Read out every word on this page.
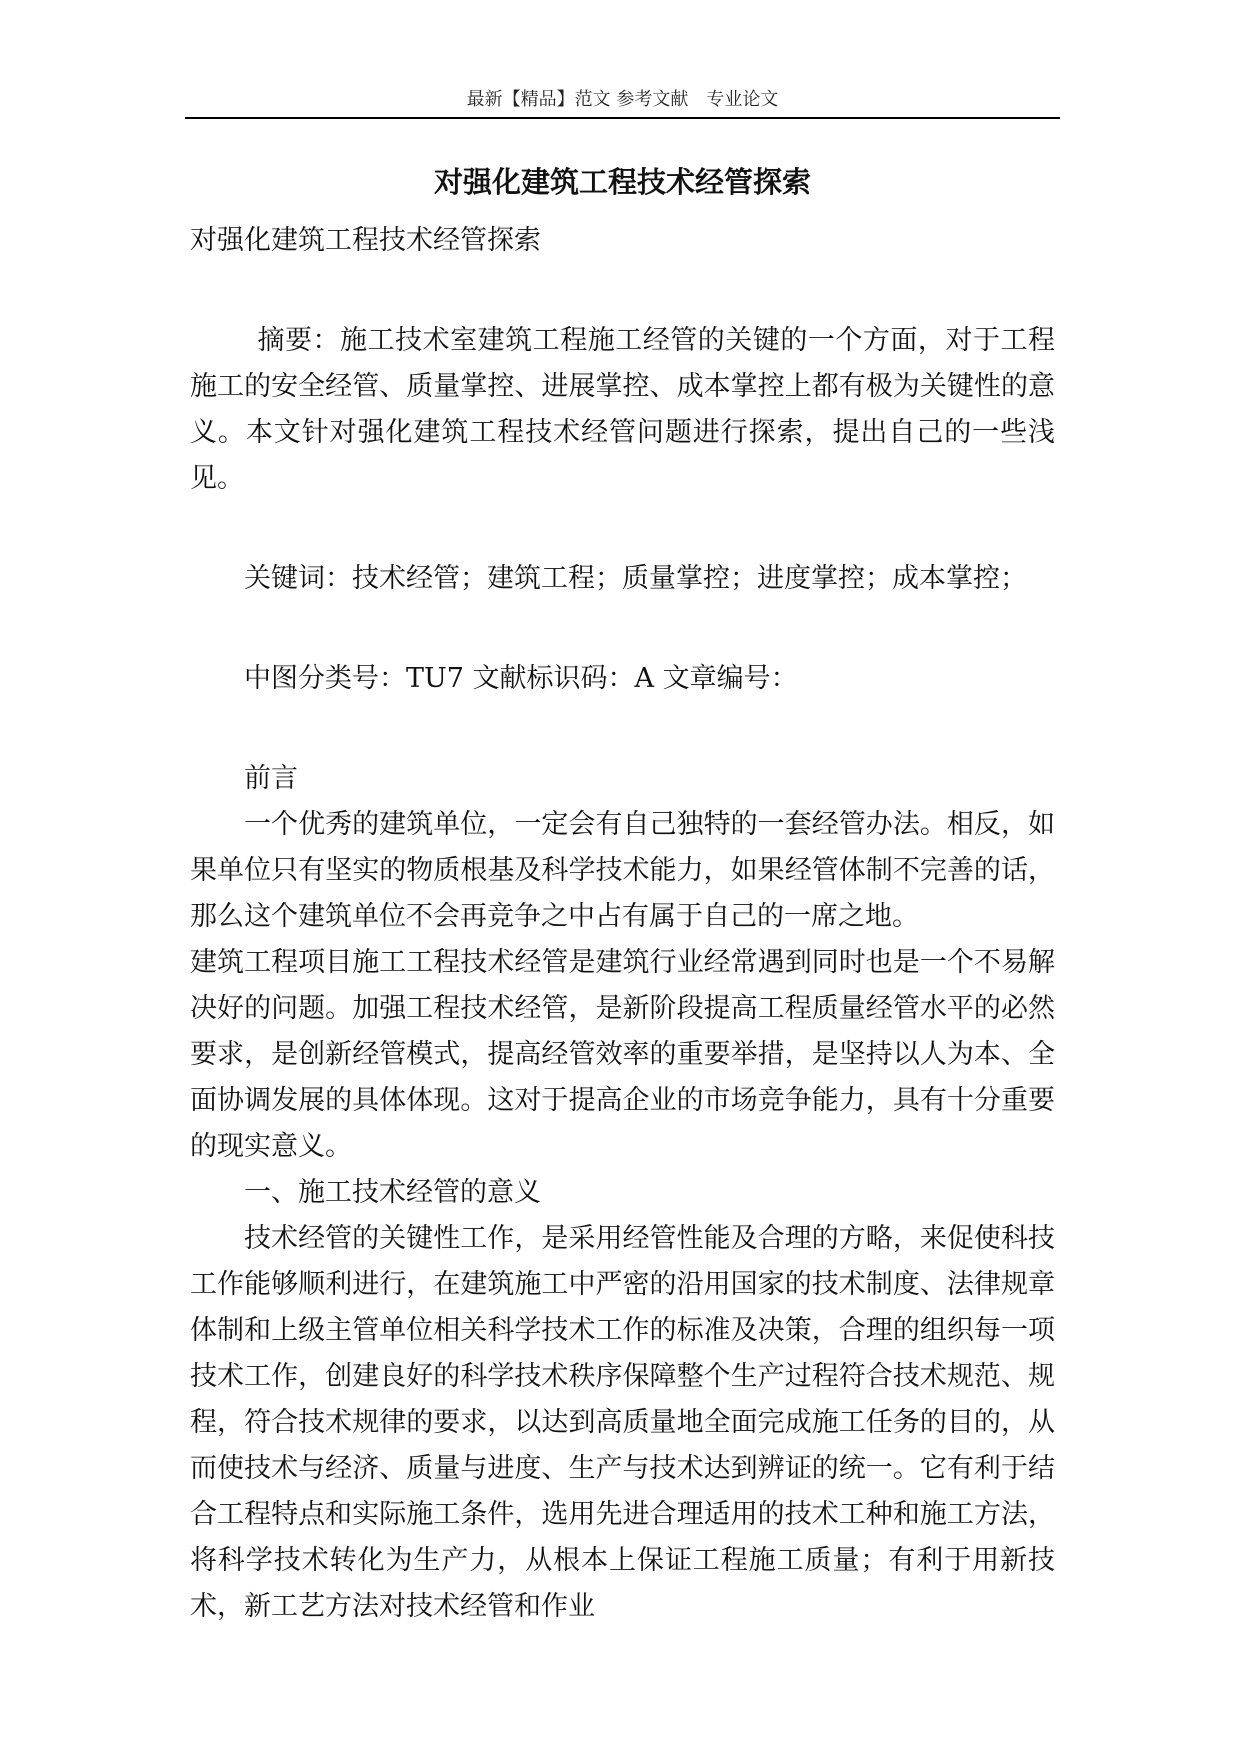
最新【精品】范文 参考文献　专业论文
对强化建筑工程技术经管探索

对强化建筑工程技术经管探索

摘要：施工技术室建筑工程施工经管的关键的一个方面，对于工程施工的安全经管、质量掌控、进展掌控、成本掌控上都有极为关键性的意义。本文针对强化建筑工程技术经管问题进行探索，提出自己的一些浅见。

关键词：技术经管；建筑工程；质量掌控；进度掌控；成本掌控；

中图分类号：TU7 文献标识码：A 文章编号：

前言

一个优秀的建筑单位，一定会有自己独特的一套经管办法。相反，如果单位只有坚实的物质根基及科学技术能力，如果经管体制不完善的话，那么这个建筑单位不会再竞争之中占有属于自己的一席之地。

建筑工程项目施工工程技术经管是建筑行业经常遇到同时也是一个不易解决好的问题。加强工程技术经管，是新阶段提高工程质量经管水平的必然要求，是创新经管模式，提高经管效率的重要举措，是坚持以人为本、全面协调发展的具体体现。这对于提高企业的市场竞争能力，具有十分重要的现实意义。

一、施工技术经管的意义

技术经管的关键性工作，是采用经管性能及合理的方略，来促使科技工作能够顺利进行，在建筑施工中严密的沿用国家的技术制度、法律规章体制和上级主管单位相关科学技术工作的标准及决策，合理的组织每一项技术工作，创建良好的科学技术秩序保障整个生产过程符合技术规范、规程，符合技术规律的要求，以达到高质量地全面完成施工任务的目的，从而使技术与经济、质量与进度、生产与技术达到辨证的统一。它有利于结合工程特点和实际施工条件，选用先进合理适用的技术工种和施工方法，将科学技术转化为生产力，从根本上保证工程施工质量；有利于用新技术，新工艺方法对技术经管和作业
